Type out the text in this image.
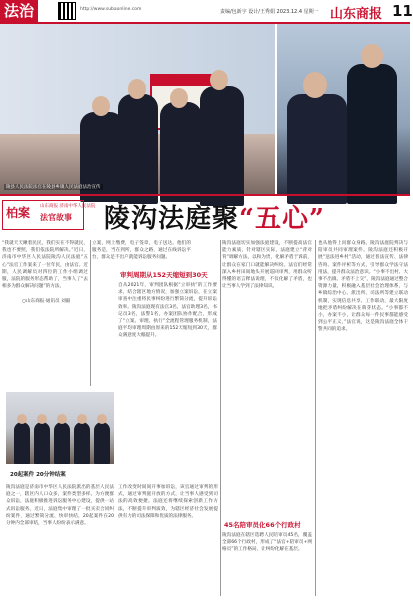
法治	http://www.subaonline.com	责编/包新宇 设计/王秀娟 2023.12.4 星期一 山东商报 11
陵县人民法院法官在陵县乡镇人民法庭法治宣传
柏案 山东商报 济南中华人民法院
法官故事 陵沟法庭聚“五心”
“我就天天瞅着民民，我们实在不得就民，我也不要照，我们依法院所解决。”近日，济南市中华区人民法院陵沟人民法庭“五心”法官工作案来了一位年民，由法官。近期，人民调解员对四位的工作小组调过服，法院的服务形态帮助了，当事人了“去相多为群众解决问题”的方法，
○山东商报·通讯员 刘毅
立案，网上缴费，电子签章，电子送达。他们的服务是，当在到所，群众之路，通过在线诉讼平台，群众足不出户就能诉讼服务问题。
审判周期从152天缩短到30天
自从2021年，审判团队根据“立审执”的工作要求，结合辖区地方情况，加强立案诉讼，在立案审查中注重将民事纠纷进行繁简分流，提升诉讼效率。陵沟法庭现有法官3名，法官助理3名，书记员3名，法警1名，办案团队协作配合，形成了“立案、审理、执行”全流程管理服务机制，法庭平均审理周期由原来的152天缩短到30天，群众满意度大幅提升。
陵沟法庭切实加强法庭建设，不断提高法官能力素质，针对辖区实际，法庭建立“背对背”调解方法，以和为贵，化解矛盾于诉前，让群众在家门口就能解决纠纷。法官们经常深入乡村田间地头开展巡回审判，用群众听得懂的语言释法说理，不仅化解了矛盾，也让当事人学到了法律知识。
45名陪审员化66个行政村
陵沟法庭在辖区选聘人民陪审员45名，覆盖全部66个行政村，形成了“法官+陪审员+网格员”的工作格局，让纠纷化解在基层。
也从他得上问群众身路。陵沟法庭院判决与陪审员共同审理案件。陵沟法庭还积极开展“送法进乡村”活动，通过普法宣传、法律咨询、案件评析等方式，引导群众学法守法用法，提升群众法治意识。“小事不出村、大事不出镇、矛盾不上交”，陵沟法庭通过整合资源力量，积极融入基层社会治理体系，与乡镇综治中心、派出所、司法所等建立联动机制，实现信息共享、工作联动，最大限度地把矛盾纠纷解决在萌芽状态。“小事都不小，办案不小，让群众每一件民事都能感受到公平正义，”法官说，这是陵沟法庭全体干警共同的追求。
20起案件 20分钟结案
陵沟法庭是济南市中华区人民法院派出的基层人民法庭之一，辖区内人口众多，案件类型多样。为方便群众诉讼，法庭积极推进诉讼服务中心建设，提供一站式诉讼服务。近日，法庭集中审理了一批买卖合同纠纷案件，通过繁简分流、快审快结，20起案件在20分钟内全部审结，当事人纷纷表示满意。
工作改变时间间开事加诉讼，该官通过审判的形式，通过审判庭开放的方式，让当事人感受到司法的高效便捷。法庭还将继续探索创新工作方法，不断提升审判质效，为辖区经济社会发展提供有力的司法保障和优质的法律服务。
